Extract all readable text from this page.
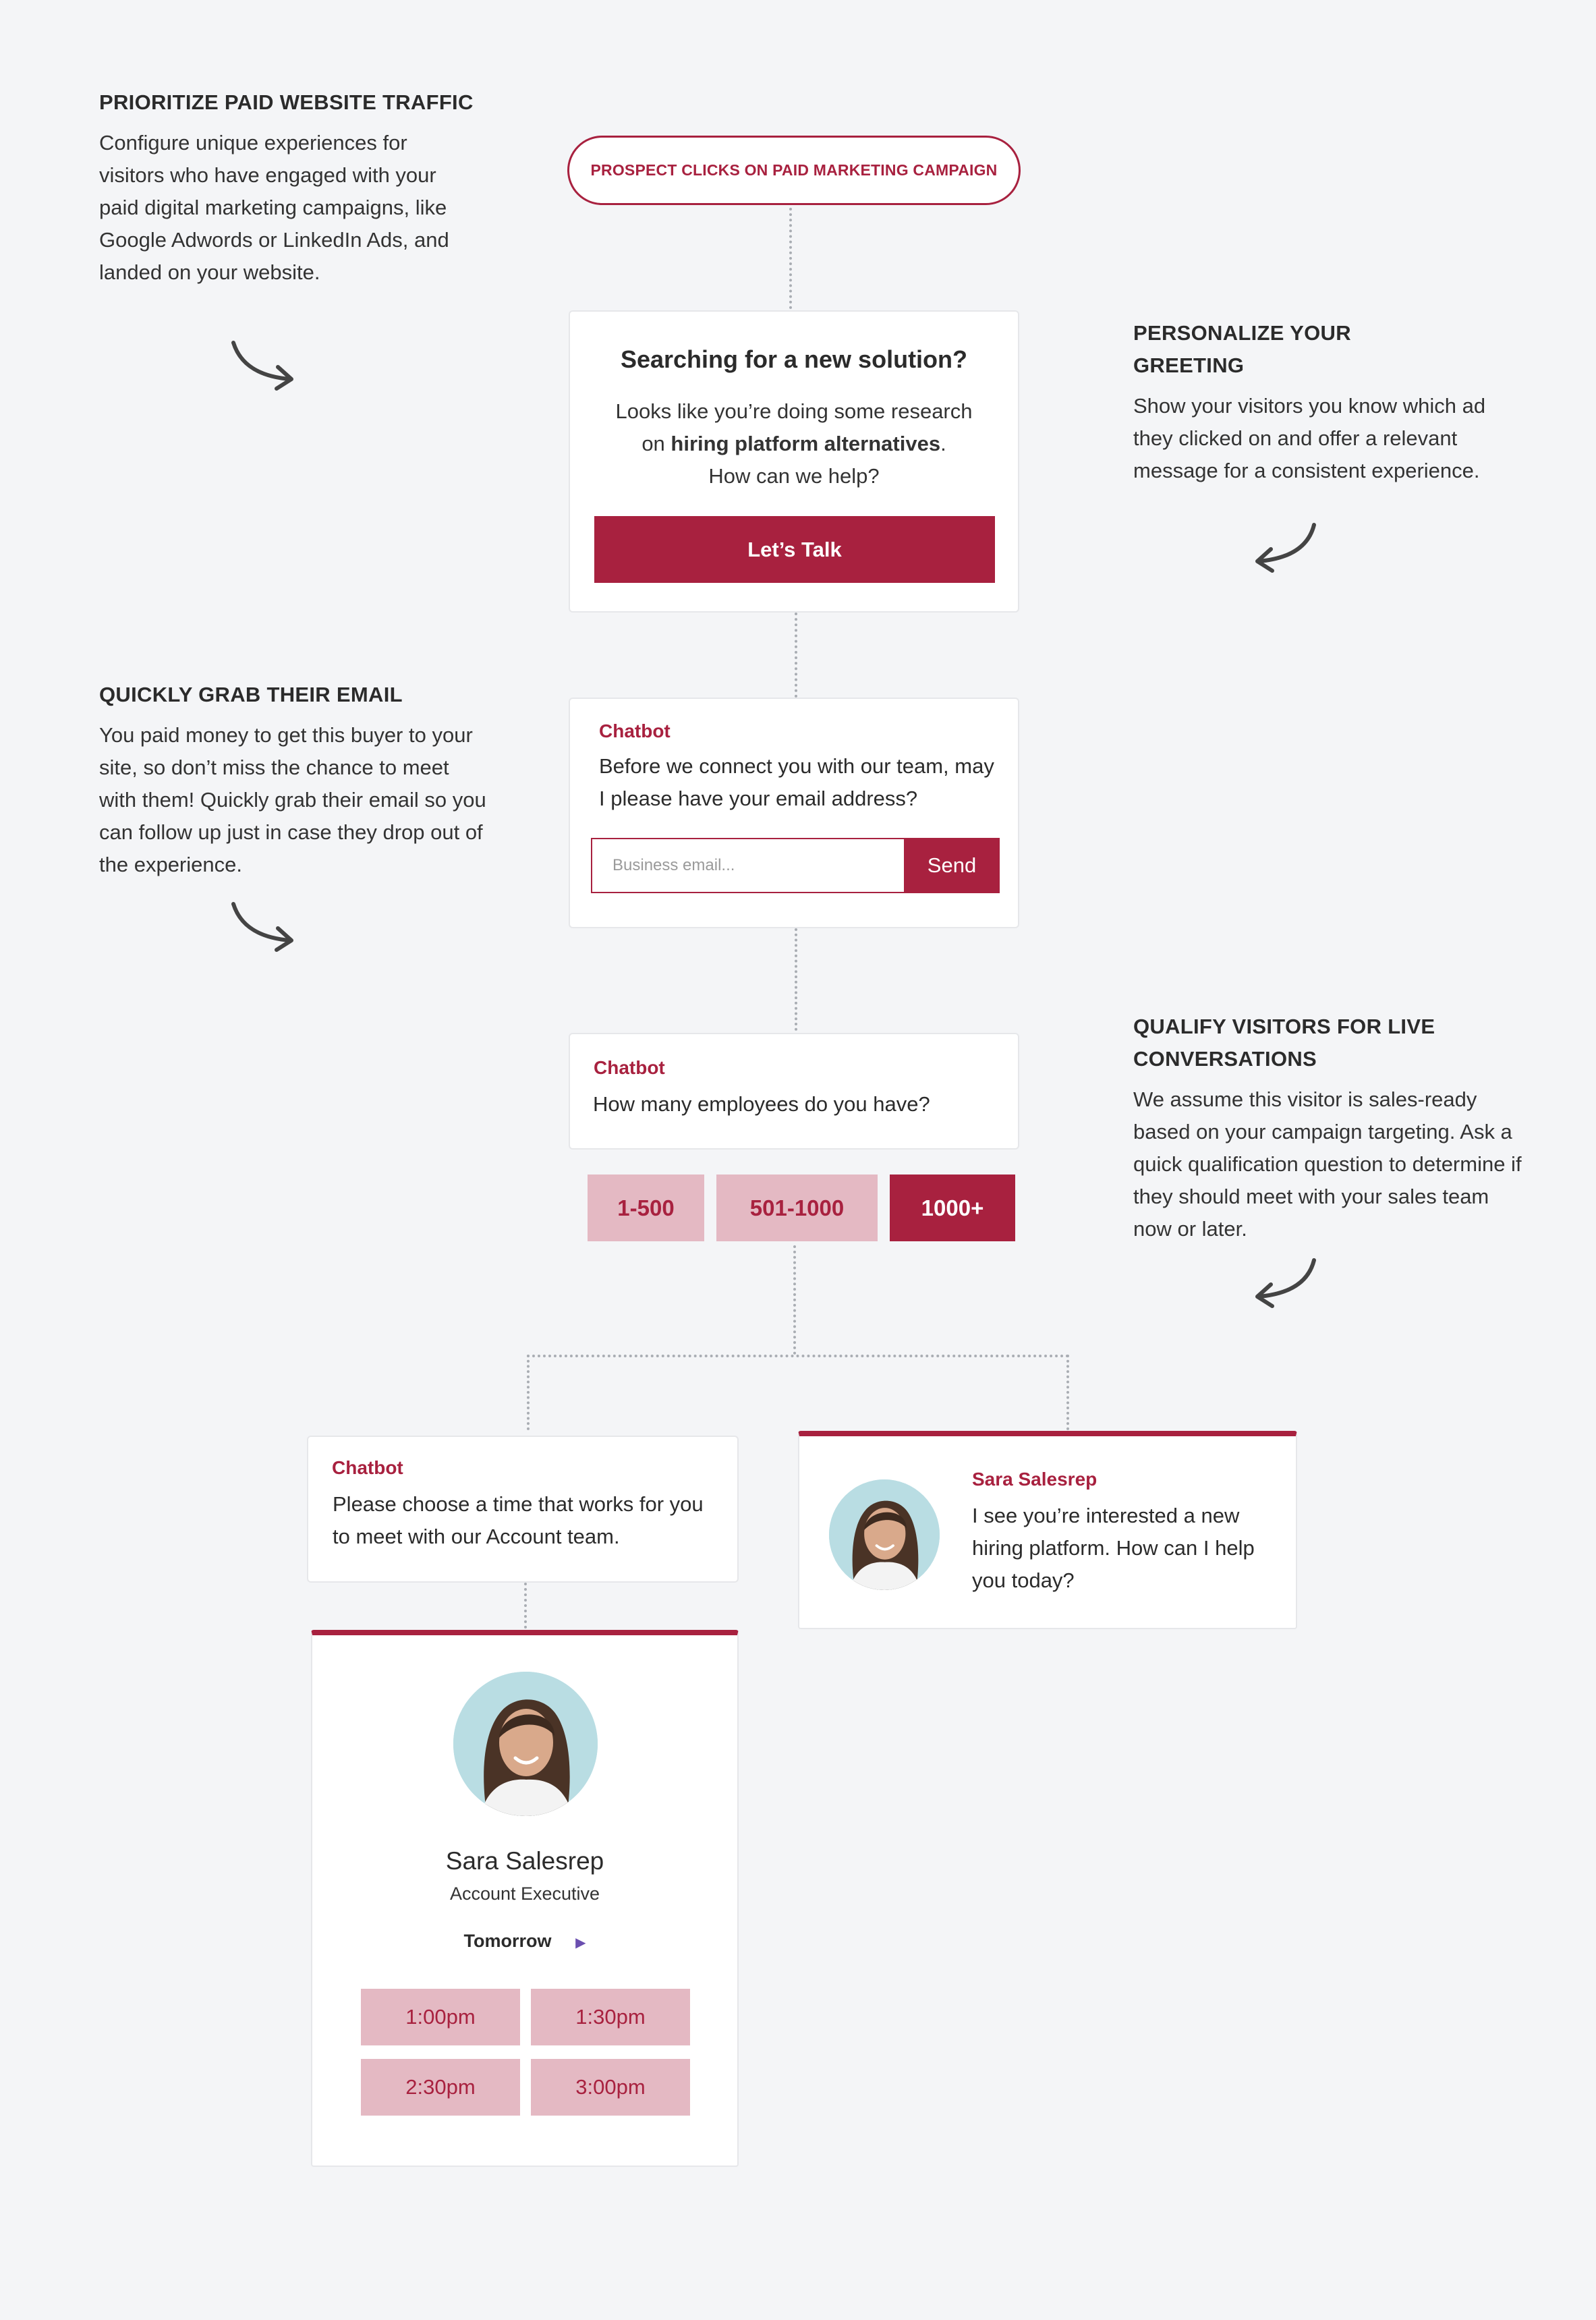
PRIORITIZE PAID WEBSITE TRAFFIC
Configure unique experiences for visitors who have engaged with your paid digital marketing campaigns, like Google Adwords or LinkedIn Ads, and landed on your website.
PERSONALIZE YOUR GREETING
Show your visitors you know which ad they clicked on and offer a relevant message for a consistent experience.
QUICKLY GRAB THEIR EMAIL
You paid money to get this buyer to your site, so don’t miss the chance to meet with them! Quickly grab their email so you can follow up just in case they drop out of the experience.
QUALIFY VISITORS FOR LIVE CONVERSATIONS
We assume this visitor is sales-ready based on your campaign targeting. Ask a quick qualification question to determine if they should meet with your sales team now or later.
PROSPECT CLICKS ON PAID MARKETING CAMPAIGN
Searching for a new solution?
Looks like you’re doing some research
on hiring platform alternatives.
How can we help?
Let’s Talk
Chatbot
Before we connect you with our team, may I please have your email address?
Business email...	Send
Chatbot
How many employees do you have?
1-500	501-1000	1000+
Chatbot
Please choose a time that works for you to meet with our Account team.
Sara Salesrep
Account Executive
Tomorrow ▶
1:00pm	1:30pm
2:30pm	3:00pm
Sara Salesrep
I see you’re interested a new hiring platform. How can I help you today?
